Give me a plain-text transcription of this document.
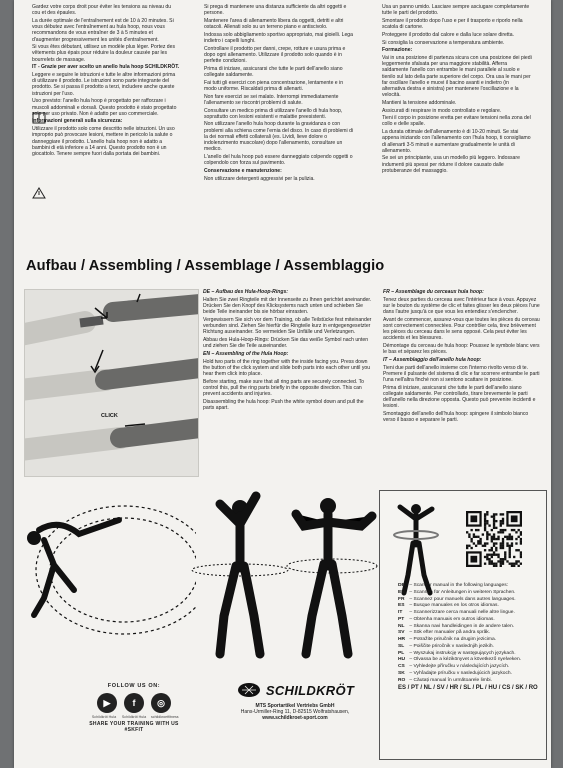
Gardez votre corps droit pour éviter les tensions au niveau du cou et des épaules.

La durée optimale de l'entraînement est de 10 à 20 minutes. Si vous débutez avec l'entraînement au hula hoop, nous vous recommandons de vous entraîner de 3 à 5 minutes et d'augmenter progressivement les unités d'entraînement.

Si vous êtes débutant, utilisez un modèle plus léger. Portez des vêtements plus épais pour réduire la douleur causée par les bourrelets de massage.

IT - Grazie per aver scelto un anello hula hoop SCHILDKRÖT.

Leggere e seguire le istruzioni e tutte le altre informazioni prima di utilizzare il prodotto. Le istruzioni sono parte integrante del prodotto. Se si passa il prodotto a terzi, includere anche queste istruzioni per l'uso.

Uso previsto: l'anello hula hoop è progettato per rafforzare i muscoli addominali e dorsali. Questo prodotto è stato progettato solo per uso privato. Non è adatto per uso commerciale.

Informazioni generali sulla sicurezza:

Utilizzare il prodotto solo come descritto nelle istruzioni. Un uso improprio può provocare lesioni, mettere in pericolo la salute o danneggiare il prodotto. L'anello hula hoop non è adatto a bambini di età inferiore a 14 anni. Questo prodotto non è un giocattolo. Tenere sempre fuori dalla portata dei bambini.

Si prega di mantenere una distanza sufficiente da altri oggetti e persone.

Mantenere l'area di allenamento libera da oggetti, detriti e altri ostacoli. Allenati solo su un terreno piano e antiscivolo.

Indossa solo abbigliamento sportivo appropriato, mai gioielli. Lega indietro i capelli lunghi.

Controllare il prodotto per danni, crepe, rotture e usura prima e dopo ogni allenamento. Utilizzare il prodotto solo quando è in perfette condizioni.

Prima di iniziare, assicurarsi che tutte le parti dell'anello siano collegate saldamente.

Fai tutti gli esercizi con piena concentrazione, lentamente e in modo uniforme. Riscaldati prima di allenarti.

Non fare esercizi se sei malato. Interrompi immediatamente l'allenamento se riscontri problemi di salute.

Consultare un medico prima di utilizzare l'anello di hula hoop, soprattutto con lesioni esistenti e malattie preesistenti.

Non utilizzare l'anello hula hoop durante la gravidanza o con problemi alla schiena come l'ernia del disco. In caso di problemi di la dei normali effetti collaterali (es. Lividi, lieve dolore o indolenzimento muscolare) dopo l'allenamento, consultare un medico.

L'anello del hula hoop può essere danneggiato colpendo oggetti o colpendolo con forza sul pavimento.

Conservazione e manutenzione:

Non utilizzare detergenti aggressivi per la pulizia.

Usa un panno umido. Lasciare sempre asciugare completamente tutte le parti del prodotto.

Smontare il prodotto dopo l'uso e per il trasporto e riporlo nella scatola di cartone.

Proteggere il prodotto dal calore e dalla luce solare diretta.

Si consiglia la conservazione a temperatura ambiente.

Formazione:

Vai in una posizione di partenza sicura con una posizione dei piedi leggermente sfalsata per una maggiore stabilità. Afferra saldamente l'anello con entrambe le mani parallele al suolo e tienilo sul lato della parte superiore del corpo. Ora usa le mani per far oscillare l'anello e muovi il bacino avanti e indietro (in alternativa destra e sinistra) per mantenere l'oscillazione e la velocità.

Mantieni la tensione addominale.

Assicurati di respirare in modo controllato e regolare.

Tieni il corpo in posizione eretta per evitare tensioni nella zona del collo e delle spalle.

La durata ottimale dell'allenamento è di 10-20 minuti. Se stai appena iniziando con l'allenamento con l'hula hoop, ti consigliamo di allenarti 3-5 minuti e aumentare gradualmente le unità di allenamento.

Se sei un principiante, usa un modello più leggero. Indossare indumenti più spessi per ridurre il dolore causato dalle protuberanze del massaggio.

Aufbau / Assembling / Assemblage / Assemblaggio
CLICK

DE – Aufbau des Hula-Hoop-Rings:

Halten Sie zwei Ringteile mit der Innenseite zu Ihnen gerichtet aneinander. Drücken Sie den Knopf des Klicksystems nach unten und schieben Sie beide Teile ineinander bis sie hörbar einrasten.

Vergewissern Sie sich vor dem Training, ob alle Teilstücke fest miteinander verbunden sind. Ziehen Sie hierfür die Ringteile kurz in entgegengesetzter Richtung auseinander. So vermeiden Sie Unfälle und Verletzungen.

Abbau des Hula-Hoop-Rings: Drücken Sie das weiße Symbol nach unten und ziehen Sie die Teile auseinander.

EN – Assembling of the Hula Hoop:

Hold two parts of the ring together with the inside facing you. Press down the button of the click system and slide both parts into each other until you hear them click into place.

Before starting, make sure that all ring parts are securely connected. To control this, pull the ring parts briefly in the opposite direction. This can prevent accidents and injuries.

Disassembling the hula hoop: Push the white symbol down and pull the parts apart.

FR – Assemblage du cerceaux hula hoop:

Tenez deux parties du cerceau avec l'intérieur face à vous. Appuyez sur le bouton du système de clic et faites glisser les deux pièces l'une dans l'autre jusqu'à ce que vous les entendiez s'enclencher.

Avant de commencer, assurez-vous que toutes les pièces du cerceau sont correctement connectées. Pour contrôler cela, tirez brièvement les pièces du cerceau dans le sens opposé. Cela peut éviter les accidents et les blessures.

Démontage du cerceau de hula hoop: Poussez le symbole blanc vers le bas et séparez les pièces.

IT – Assemblaggio dell'anello hula hoop:

Tieni due parti dell'anello insieme con l'interno rivolto verso di te. Premere il pulsante del sistema di clic e far scorrere entrambe le parti l'una nell'altra finché non si sentono scattare in posizione.

Prima di iniziare, assicurarsi che tutte le parti dell'anello siano collegate saldamente. Per controllarlo, tirare brevemente le parti dell'anello nella direzione opposta. Questo può prevenire incidenti e lesioni.

Smontaggio dell'anello dell'hula hoop: spingere il simbolo bianco verso il basso e separare le parti.

FOLLOW US ON:
▶	f	◎
Schildkröt Hula Schildkröt Hula schildkroetfitness
SHARE YOUR TRAINING WITH US #SKFIT
SCHILDKRÖT
MTS Sportartikel Vertriebs GmbH
Hans-Urmiller-Ring 11, D-82515 Wolfratshausen,
www.schildkroet-sport.com
DE – Scan for manual in the following languages:
EN – Scannen für Anleitungen in weiteren Sprachen.
FR – Scannez pour manuels dans autres languages.
ES – Busque manuales en los otros idiomas.
IT – Scannerizzare cerca manuali nelle altre lingue.
PT – Obtenha manuais em outros idiomas.
NL – Skanna navi handleidingen in de andere talen.
SV – Sök efter manualer på andra språk.
HR – Potražite priručnik na drugim jezicima.
SL – Poiščite priročnik v naslednjih jezikih.
PL – Wyszukaj instrukcję w następujących językach.
HU – Olvassa be a kézikönyvet a következő nyelveken.
CS – Vyhledejte příručku v následujících jazycích.
SK – Vyhľadajte príručku v nasledujúcich jazykoch.
RO – Căutați manual în următoarele limbi.
ES / PT / NL / SV / HR / SL / PL / HU / CS / SK / RO
